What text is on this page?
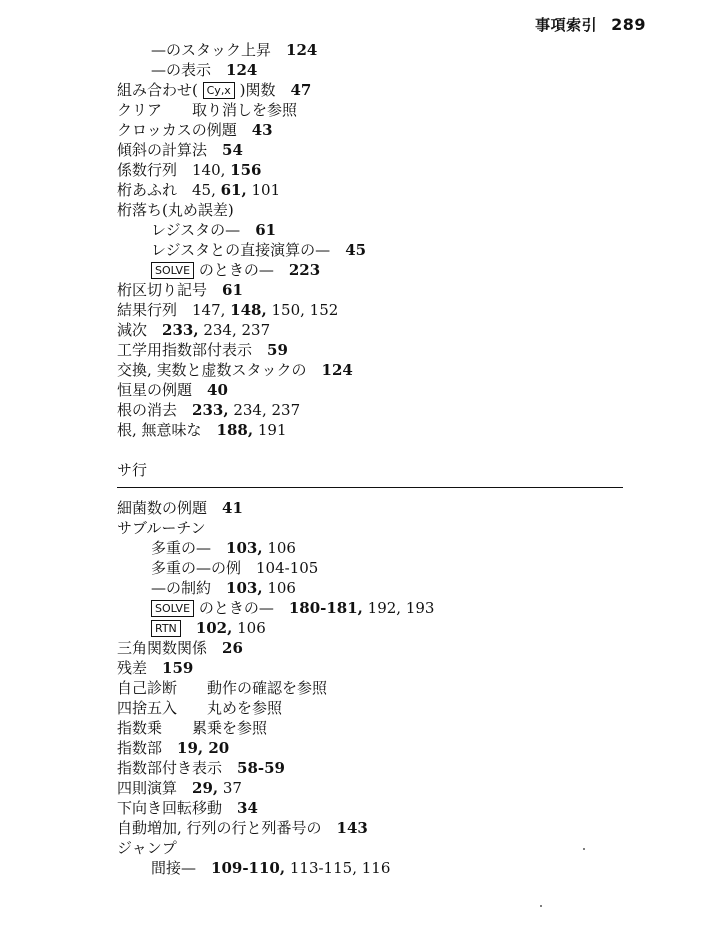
事項索引 289
—のスタック上昇　124
—の表示　124
組み合わせ( Cy,x )関数　47
クリア　　取り消しを参照
クロッカスの例題　43
傾斜の計算法　54
係数行列　140, 156
桁あふれ　45, 61, 101
桁落ち(丸め誤差)
レジスタの—　61
レジスタとの直接演算の—　45
SOLVE のときの—　223
桁区切り記号　61
結果行列　147, 148, 150, 152
減次　233, 234, 237
工学用指数部付表示　59
交換, 実数と虚数スタックの　124
恒星の例題　40
根の消去　233, 234, 237
根, 無意味な　188, 191
サ行
細菌数の例題　41
サブルーチン
多重の—　103, 106
多重の—の例　104-105
—の制約　103, 106
SOLVE のときの—　180-181, 192, 193
RTN　 102, 106
三角関数関係　26
残差　159
自己診断　　動作の確認を参照
四捨五入　　丸めを参照
指数乗　　累乗を参照
指数部　19, 20
指数部付き表示　58-59
四則演算　29, 37
下向き回転移動　34
自動増加, 行列の行と列番号の　143
ジャンプ
間接—　109-110, 113-115, 116
